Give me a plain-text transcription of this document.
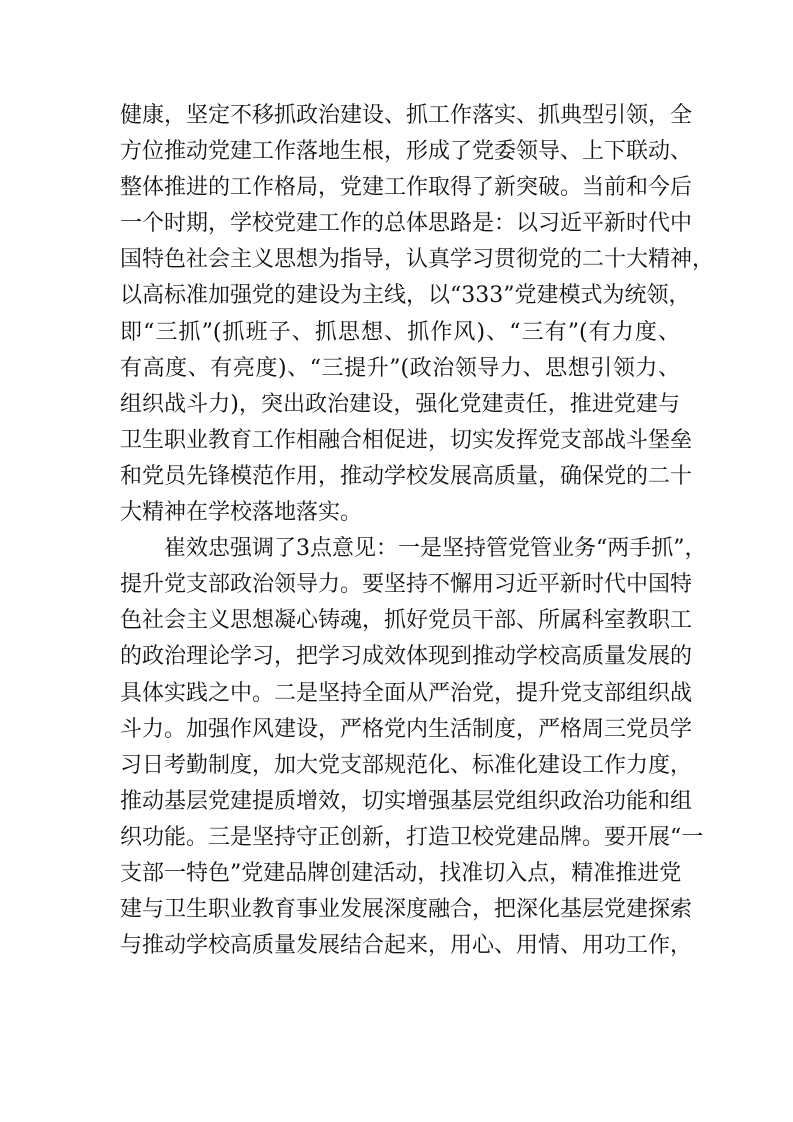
健康，坚定不移抓政治建设、抓工作落实、抓典型引领，全
方位推动党建工作落地生根，形成了党委领导、上下联动、
整体推进的工作格局，党建工作取得了新突破。当前和今后
一个时期，学校党建工作的总体思路是：以习近平新时代中
国特色社会主义思想为指导，认真学习贯彻党的二十大精神，
以高标准加强党的建设为主线，以“333”党建模式为统领，
即“三抓”(抓班子、抓思想、抓作风)、“三有”(有力度、
有高度、有亮度)、“三提升”(政治领导力、思想引领力、
组织战斗力)，突出政治建设，强化党建责任，推进党建与
卫生职业教育工作相融合相促进，切实发挥党支部战斗堡垒
和党员先锋模范作用，推动学校发展高质量，确保党的二十
大精神在学校落地落实。
崔效忠强调了3点意见：一是坚持管党管业务“两手抓”，
提升党支部政治领导力。要坚持不懈用习近平新时代中国特
色社会主义思想凝心铸魂，抓好党员干部、所属科室教职工
的政治理论学习，把学习成效体现到推动学校高质量发展的
具体实践之中。二是坚持全面从严治党，提升党支部组织战
斗力。加强作风建设，严格党内生活制度，严格周三党员学
习日考勤制度，加大党支部规范化、标准化建设工作力度，
推动基层党建提质增效，切实增强基层党组织政治功能和组
织功能。三是坚持守正创新，打造卫校党建品牌。要开展“一
支部一特色”党建品牌创建活动，找准切入点，精准推进党
建与卫生职业教育事业发展深度融合，把深化基层党建探索
与推动学校高质量发展结合起来，用心、用情、用功工作，
